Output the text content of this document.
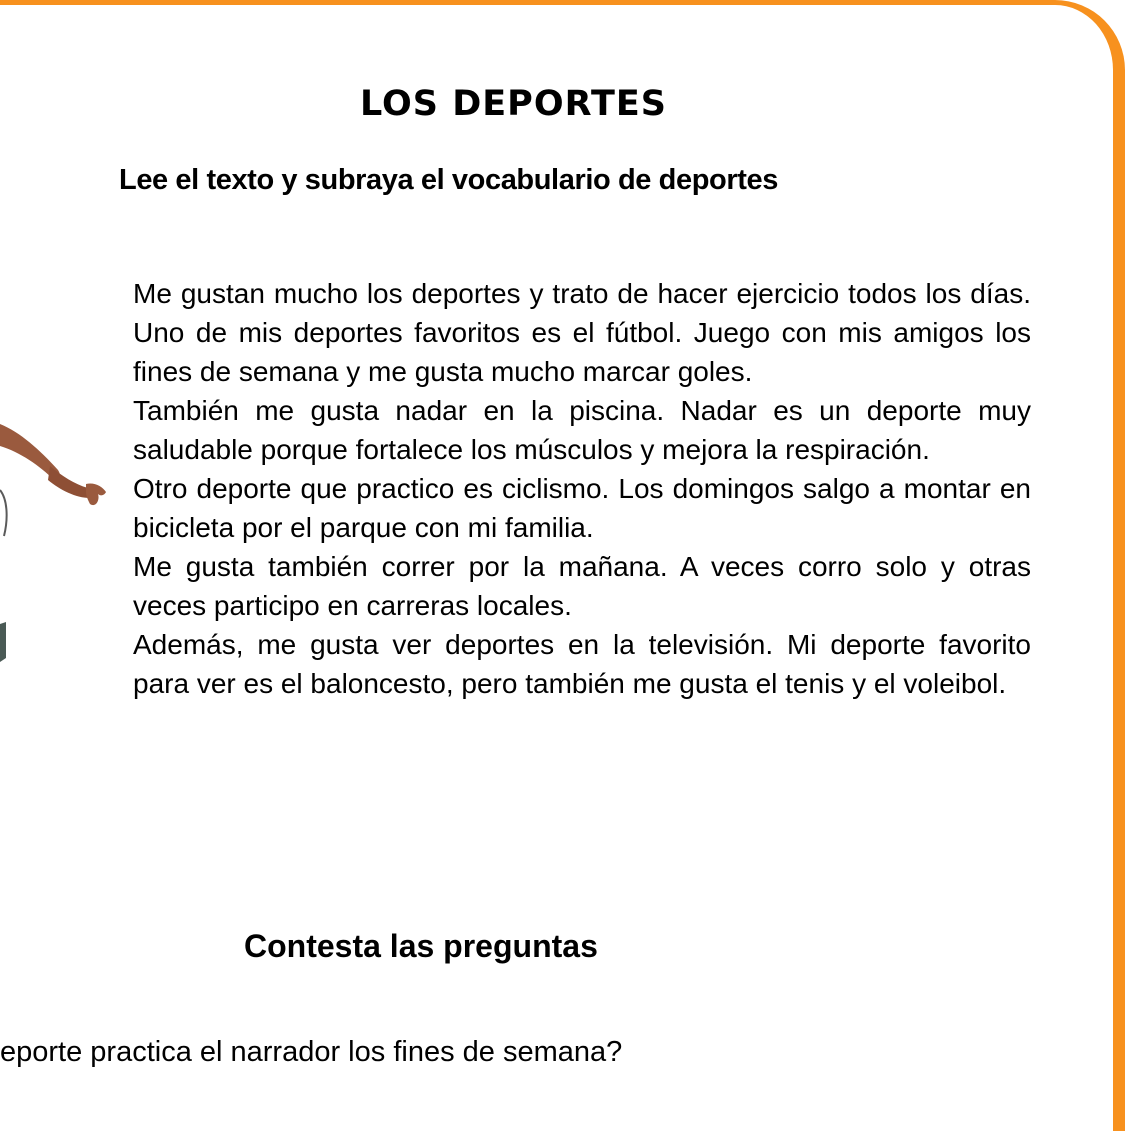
LOS DEPORTES
Lee el texto y subraya el vocabulario de deportes

Me gustan mucho los deportes y trato de hacer ejercicio todos los días. Uno de mis deportes favoritos es el fútbol. Juego con mis amigos los fines de semana y me gusta mucho marcar goles.

También me gusta nadar en la piscina. Nadar es un deporte muy saludable porque fortalece los músculos y mejora la respiración.

Otro deporte que practico es ciclismo. Los domingos salgo a montar en bicicleta por el parque con mi familia.

Me gusta también correr por la mañana. A veces corro solo y otras veces participo en carreras locales.

Además, me gusta ver deportes en la televisión. Mi deporte favorito para ver es el baloncesto, pero también me gusta el tenis y el voleibol.

Contesta las preguntas

eporte practica el narrador los fines de semana?
